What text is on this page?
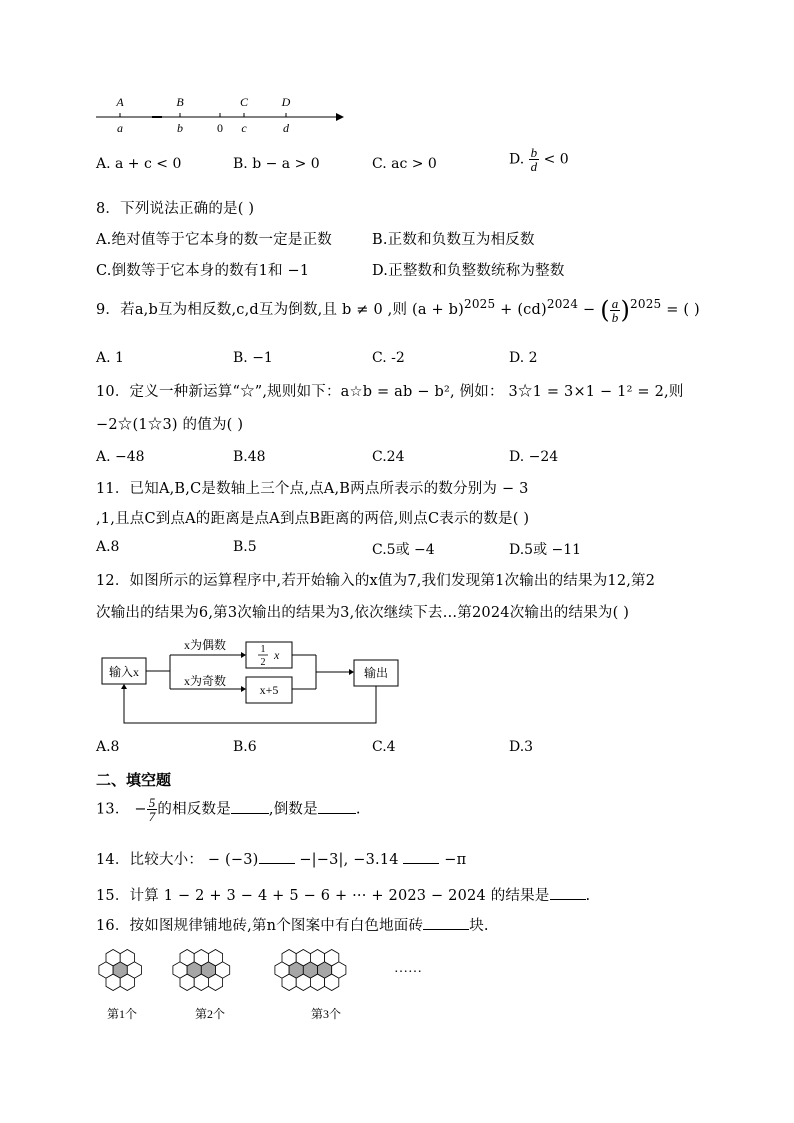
A	B	C	D
a	b	0 c	d
A. a + c < 0	B. b − a > 0	C. ac > 0	D. $\frac{b}{d} < 0$
8．下列说法正确的是( )
A.绝对值等于它本身的数一定是正数	B.正数和负数互为相反数
C.倒数等于它本身的数有1和 −1	D.正整数和负整数统称为整数
9．若a,b互为相反数,c,d互为倒数,且 b ≠ 0 ,则 $(a + b)^{2025} + (cd)^{2024}$ − ( $\frac{a}{b} )^{2025}$ = ( )
A. 1	B. −1	C. -2	D. 2
10．定义一种新运算“☆”,规则如下：a☆b = ab − b², 例如： 3☆1 = 3×1 − 1² = 2,则
−2☆(1☆3) 的值为( )
A. −48	B.48	C.24	D. −24
11．已知A,B,C是数轴上三个点,点A,B两点所表示的数分别为 − 3
,1,且点C到点A的距离是点A到点B距离的两倍,则点C表示的数是( )
A.8	B.5	C.5或 −4	D.5或 −11
12．如图所示的运算程序中,若开始输入的x值为7,我们发现第1次输出的结果为12,第2
次输出的结果为6,第3次输出的结果为3,依次继续下去…第2024次输出的结果为( )
输入x
x为偶数
x为奇数
1
2
x
x+5
输出
A.8	B.6	C.4	D.3
二、填空题
13． − $\frac{5}{7}$ 的相反数是	,倒数是	.
14．比较大小： − (−3) −|−3|, −3.14  −π
15．计算 1 − 2 + 3 − 4 + 5 − 6 + ··· + 2023 − 2024 的结果是 .
16．按如图规律铺地砖,第n个图案中有白色地面砖	块.
……
第1个	第2个	第3个
